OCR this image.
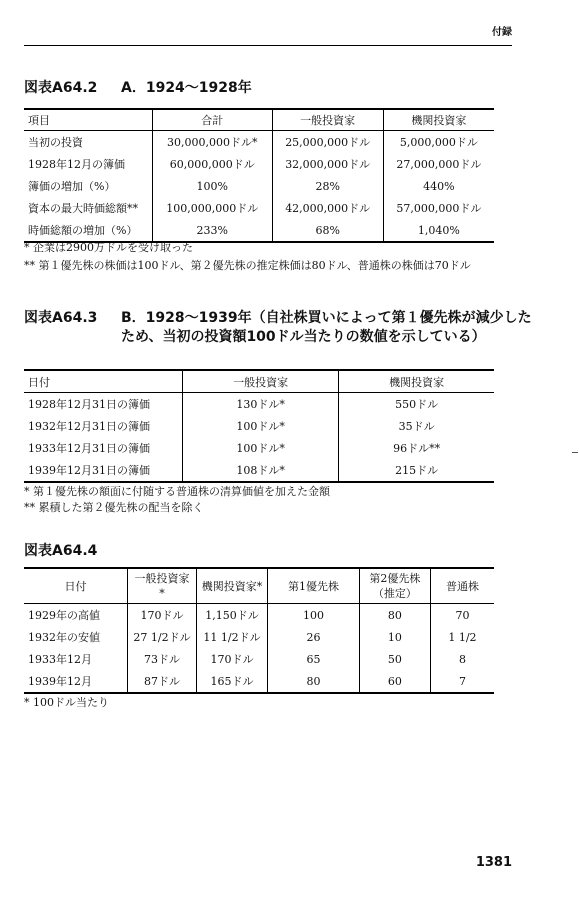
付録
図表A64.2 A．1924〜1928年
項目	合計	一般投資家	機関投資家
当初の投資	30,000,000ドル*	25,000,000ドル	5,000,000ドル
1928年12月の簿価	60,000,000ドル	32,000,000ドル	27,000,000ドル
簿価の増加（%）	100%	28%	440%
資本の最大時価総額**	100,000,000ドル	42,000,000ドル	57,000,000ドル
時価総額の増加（%）	233%	68%	1,040%
* 企業は2900万ドルを受け取った
** 第１優先株の株価は100ドル、第２優先株の推定株価は80ドル、普通株の株価は70ドル
図表A64.3 B．1928〜1939年（自社株買いによって第１優先株が減少したため、当初の投資額100ドル当たりの数値を示している）
日付	一般投資家	機関投資家
1928年12月31日の簿価	130ドル*	550ドル
1932年12月31日の簿価	100ドル*	35ドル
1933年12月31日の簿価	100ドル*	96ドル**
1939年12月31日の簿価	108ドル*	215ドル
* 第１優先株の額面に付随する普通株の清算価値を加えた金額
** 累積した第２優先株の配当を除く
図表A64.4
日付	一般投資家*	機関投資家*	第1優先株	第2優先株（推定）	普通株
1929年の高値	170ドル	1,150ドル	100	80	70
1932年の安値	27 1/2ドル	11 1/2ドル	26	10	1 1/2
1933年12月	73ドル	170ドル	65	50	8
1939年12月	87ドル	165ドル	80	60	7
* 100ドル当たり
1381
